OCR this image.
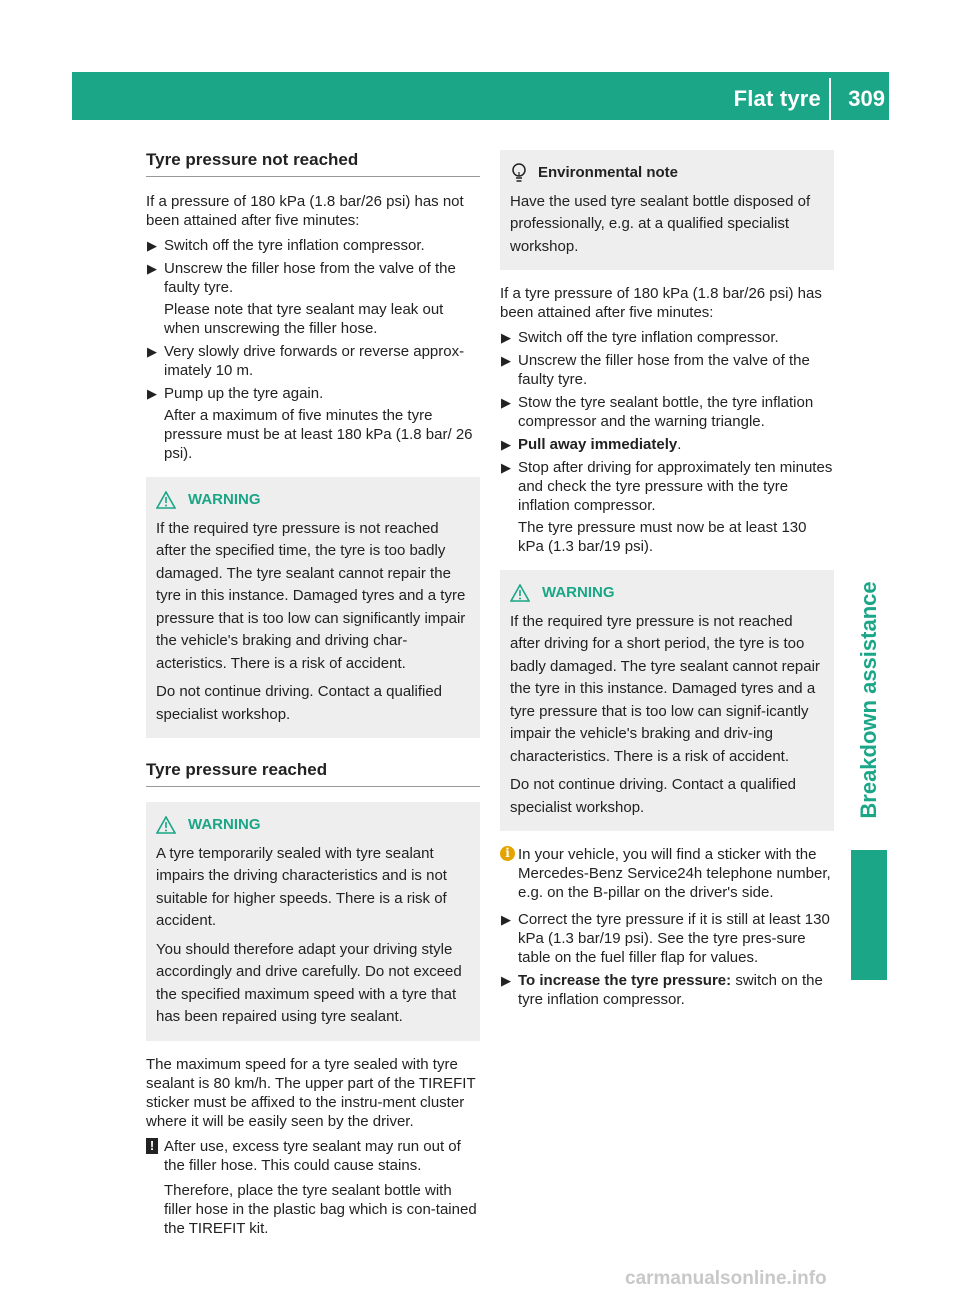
Flat tyre 309
Breakdown assistance
Tyre pressure not reached

If a pressure of 180 kPa (1.8 bar/26 psi) has not been attained after five minutes:

▶ Switch off the tyre inflation compressor.

▶ Unscrew the filler hose from the valve of the faulty tyre.

Please note that tyre sealant may leak out when unscrewing the filler hose.

▶ Very slowly drive forwards or reverse approx-imately 10 m.

▶ Pump up the tyre again.

After a maximum of five minutes the tyre pressure must be at least 180 kPa (1.8 bar/ 26 psi).

WARNING

If the required tyre pressure is not reached after the specified time, the tyre is too badly damaged. The tyre sealant cannot repair the tyre in this instance. Damaged tyres and a tyre pressure that is too low can significantly impair the vehicle's braking and driving char-acteristics. There is a risk of accident.

Do not continue driving. Contact a qualified specialist workshop.

Tyre pressure reached
WARNING

A tyre temporarily sealed with tyre sealant impairs the driving characteristics and is not suitable for higher speeds. There is a risk of accident.

You should therefore adapt your driving style accordingly and drive carefully. Do not exceed the specified maximum speed with a tyre that has been repaired using tyre sealant.

The maximum speed for a tyre sealed with tyre sealant is 80 km/h. The upper part of the TIREFIT sticker must be affixed to the instru-ment cluster where it will be easily seen by the driver.

! After use, excess tyre sealant may run out of the filler hose. This could cause stains.

Therefore, place the tyre sealant bottle with filler hose in the plastic bag which is con-tained the TIREFIT kit.

Environmental note

Have the used tyre sealant bottle disposed of professionally, e.g. at a qualified specialist workshop.

If a tyre pressure of 180 kPa (1.8 bar/26 psi) has been attained after five minutes:

▶ Switch off the tyre inflation compressor.

▶ Unscrew the filler hose from the valve of the faulty tyre.

▶ Stow the tyre sealant bottle, the tyre inflation compressor and the warning triangle.

▶ Pull away immediately.

▶ Stop after driving for approximately ten minutes and check the tyre pressure with the tyre inflation compressor.

The tyre pressure must now be at least 130 kPa (1.3 bar/19 psi).

WARNING

If the required tyre pressure is not reached after driving for a short period, the tyre is too badly damaged. The tyre sealant cannot repair the tyre in this instance. Damaged tyres and a tyre pressure that is too low can signif-icantly impair the vehicle's braking and driv-ing characteristics. There is a risk of accident.

Do not continue driving. Contact a qualified specialist workshop.

i In your vehicle, you will find a sticker with the Mercedes-Benz Service24h telephone number, e.g. on the B-pillar on the driver's side.

▶ Correct the tyre pressure if it is still at least 130 kPa (1.3 bar/19 psi). See the tyre pres-sure table on the fuel filler flap for values.

▶ To increase the tyre pressure: switch on the tyre inflation compressor.

carmanualsonline.info
